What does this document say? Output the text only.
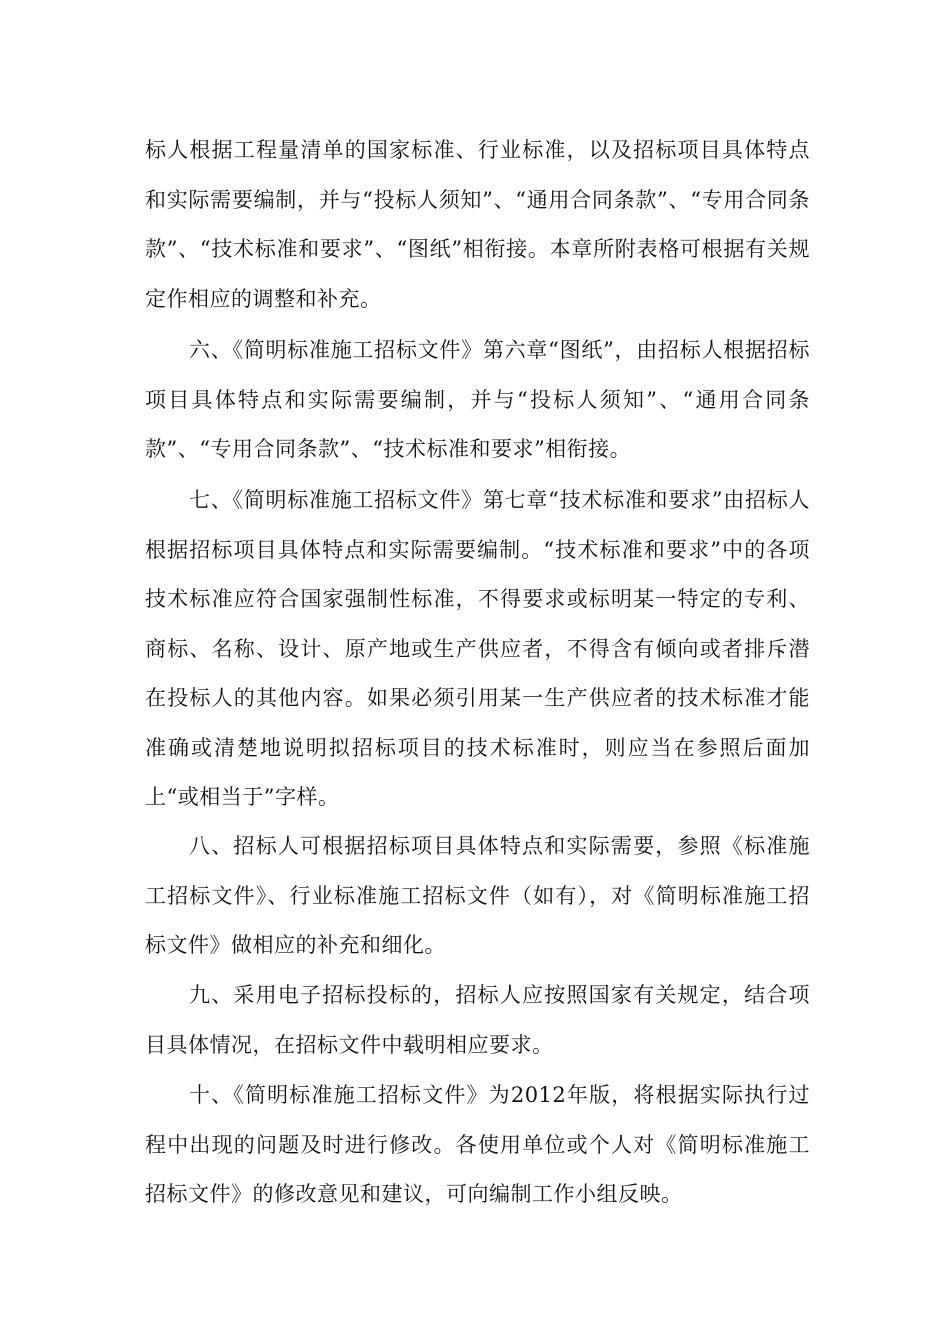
标人根据工程量清单的国家标准、行业标准，以及招标项目具体特点和实际需要编制，并与“投标人须知”、“通用合同条款”、“专用合同条款”、“技术标准和要求”、“图纸”相衔接。本章所附表格可根据有关规定作相应的调整和补充。

六、《简明标准施工招标文件》第六章“图纸”，由招标人根据招标项目具体特点和实际需要编制，并与“投标人须知”、“通用合同条款”、“专用合同条款”、“技术标准和要求”相衔接。

七、《简明标准施工招标文件》第七章“技术标准和要求”由招标人根据招标项目具体特点和实际需要编制。“技术标准和要求”中的各项技术标准应符合国家强制性标准，不得要求或标明某一特定的专利、商标、名称、设计、原产地或生产供应者，不得含有倾向或者排斥潜在投标人的其他内容。如果必须引用某一生产供应者的技术标准才能准确或清楚地说明拟招标项目的技术标准时，则应当在参照后面加上“或相当于”字样。

八、招标人可根据招标项目具体特点和实际需要，参照《标准施工招标文件》、行业标准施工招标文件（如有），对《简明标准施工招标文件》做相应的补充和细化。

九、采用电子招标投标的，招标人应按照国家有关规定，结合项目具体情况，在招标文件中载明相应要求。

十、《简明标准施工招标文件》为2012年版，将根据实际执行过程中出现的问题及时进行修改。各使用单位或个人对《简明标准施工招标文件》的修改意见和建议，可向编制工作小组反映。
